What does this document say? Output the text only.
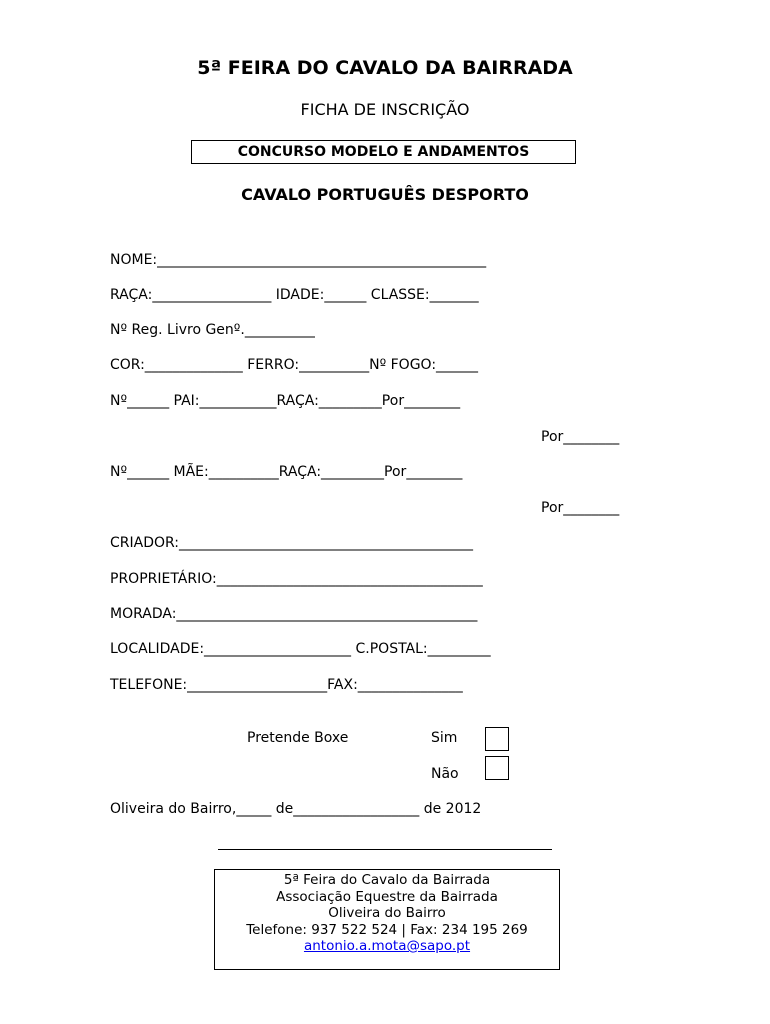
5ª FEIRA DO CAVALO DA BAIRRADA
FICHA DE INSCRIÇÃO
CONCURSO MODELO E ANDAMENTOS
CAVALO PORTUGUÊS DESPORTO
NOME:_______________________________________________
RAÇA:_________________ IDADE:______ CLASSE:_______
Nº Reg. Livro Genº.__________
COR:______________ FERRO:__________Nº FOGO:______
Nº______ PAI:___________RAÇA:_________Por________
Por________
Nº______ MÃE:__________RAÇA:_________Por________
Por________
CRIADOR:__________________________________________
PROPRIETÁRIO:______________________________________
MORADA:___________________________________________
LOCALIDADE:_____________________ C.POSTAL:_________
TELEFONE:____________________FAX:_______________
Pretende Boxe	Sim
Não
Oliveira do Bairro,_____ de__________________ de 2012
5ª Feira do Cavalo da Bairrada
Associação Equestre da Bairrada
Oliveira do Bairro
Telefone: 937 522 524 | Fax: 234 195 269
antonio.a.mota@sapo.pt
